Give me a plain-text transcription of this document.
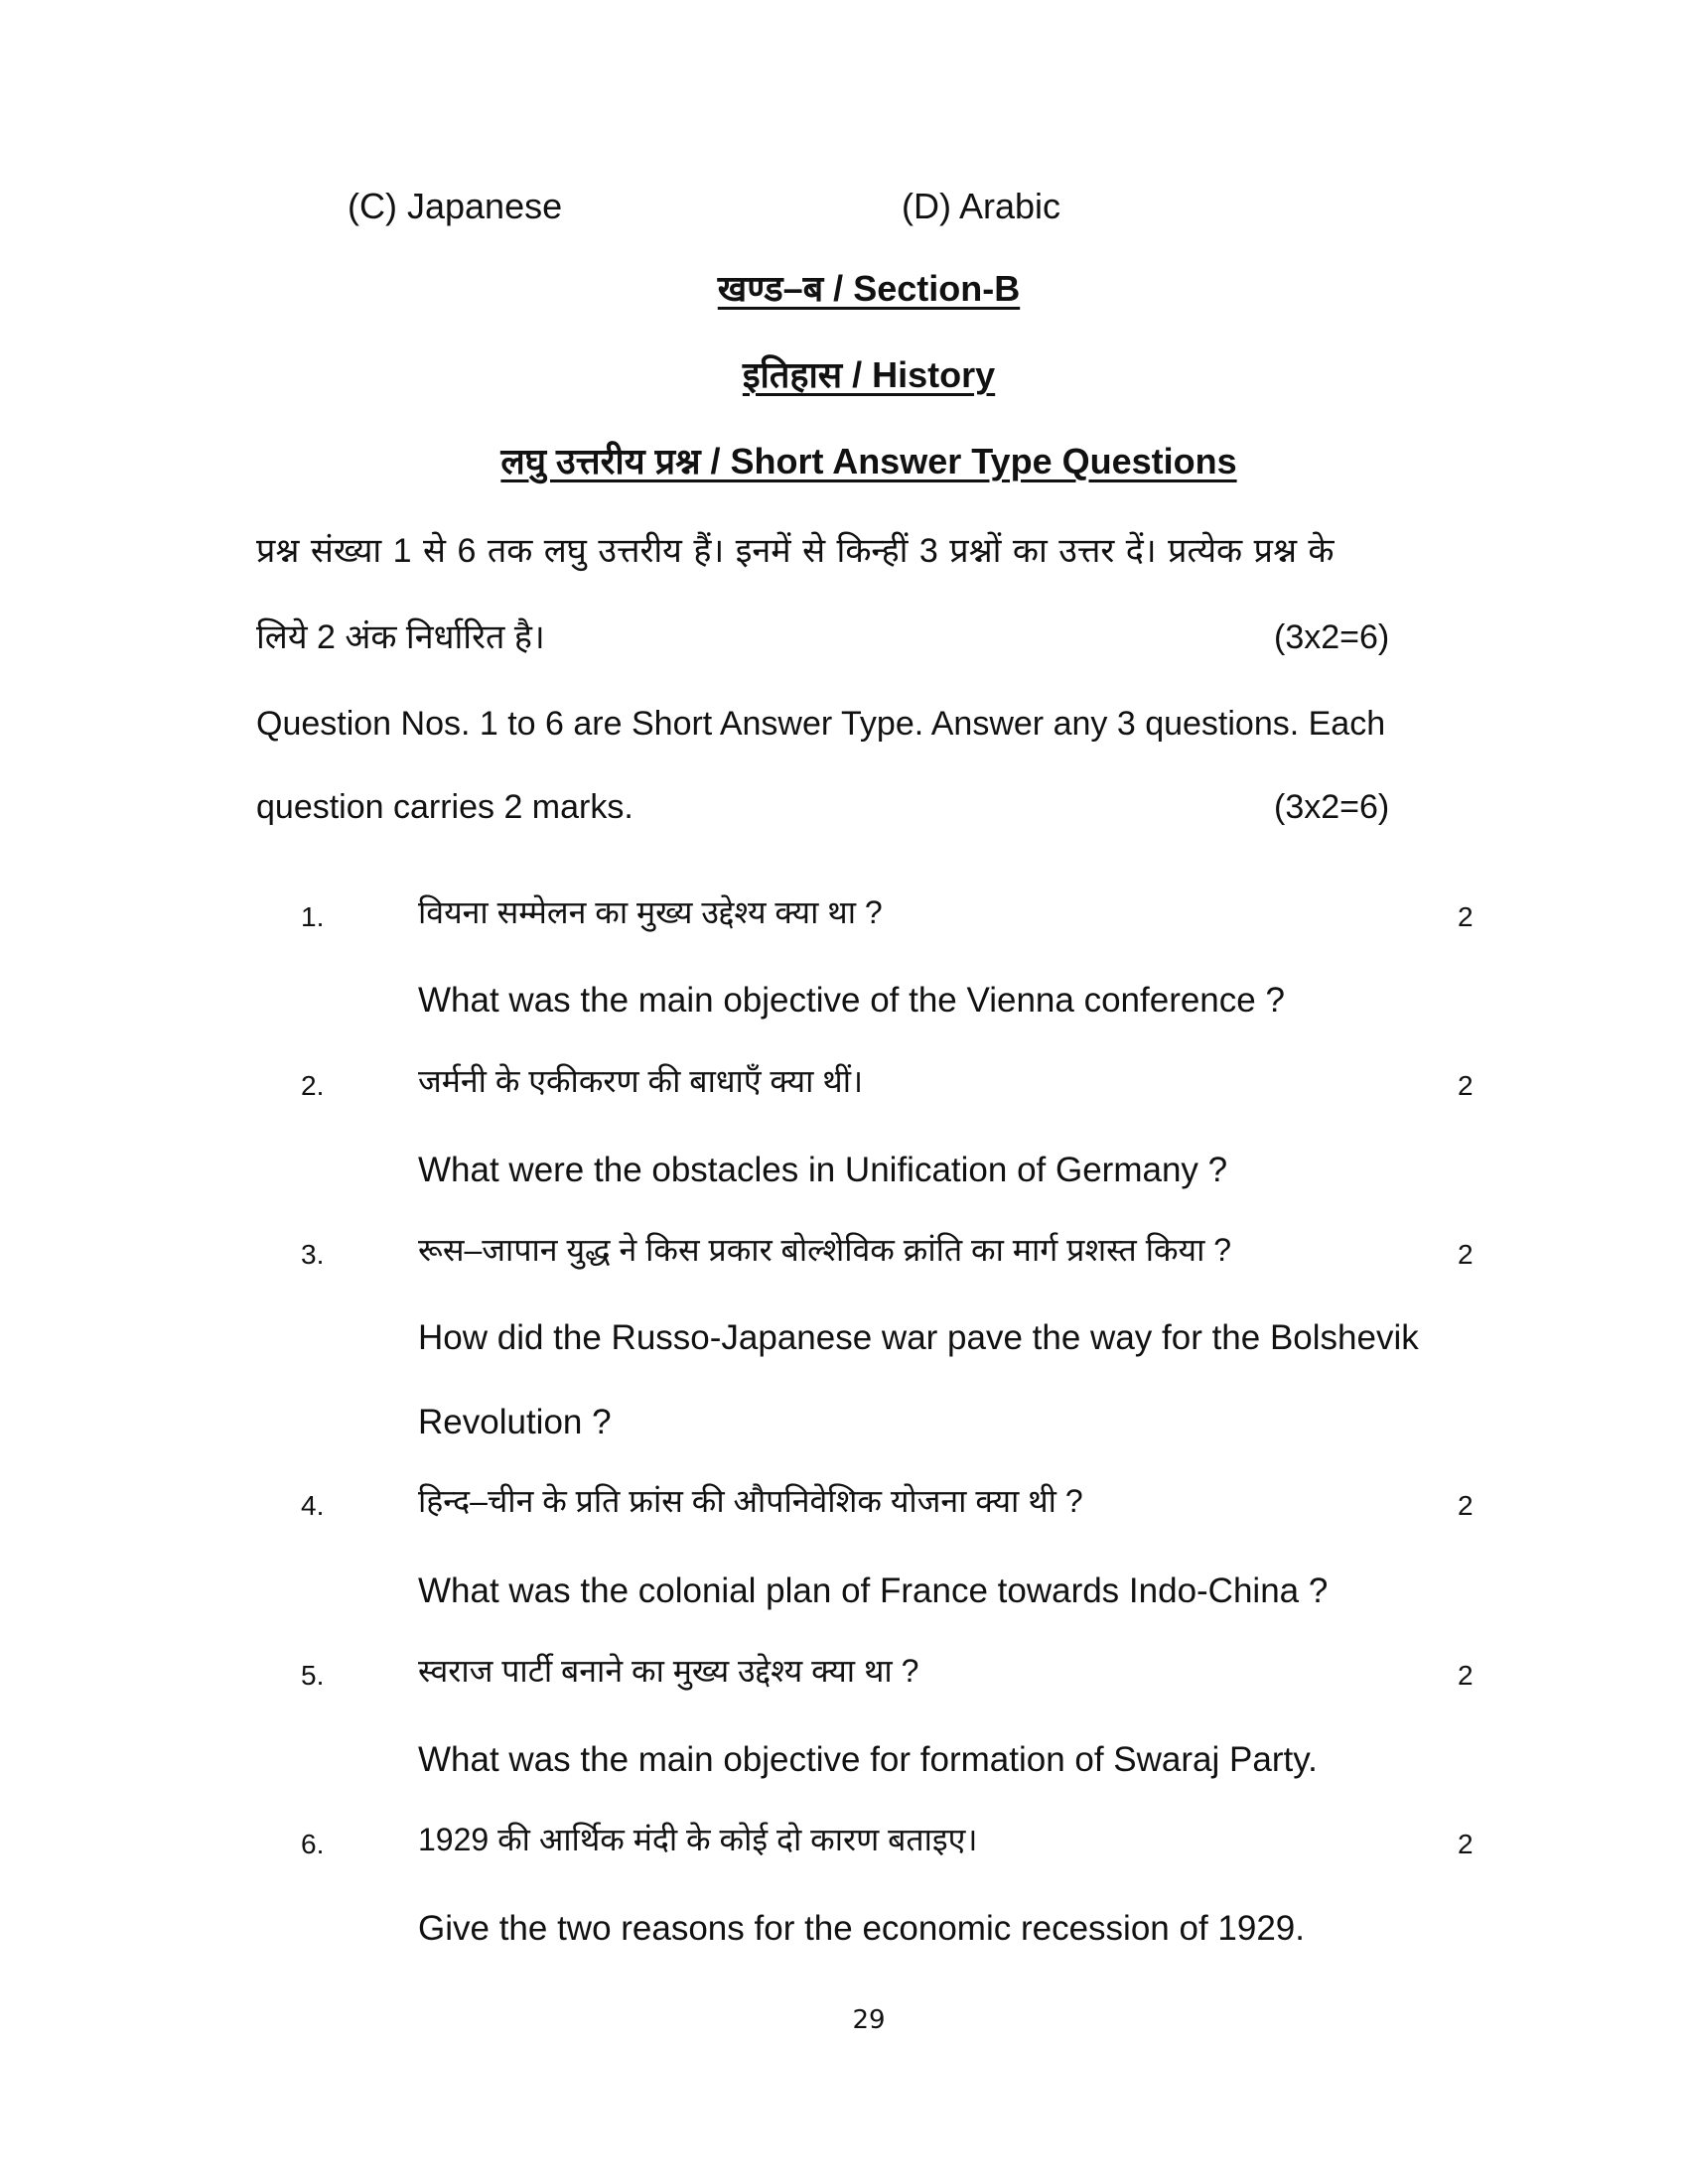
(C) Japanese	(D) Arabic
खण्ड–ब / Section-B
इतिहास / History
लघु उत्तरीय प्रश्न / Short Answer Type Questions
प्रश्न संख्या 1 से 6 तक लघु उत्तरीय हैं। इनमें से किन्हीं 3 प्रश्नों का उत्तर दें। प्रत्येक प्रश्न के
लिये 2 अंक निर्धारित है।	(3x2=6)
Question Nos. 1 to 6 are Short Answer Type. Answer any 3 questions. Each
question carries 2 marks.	(3x2=6)
1.	वियना सम्मेलन का मुख्य उद्देश्य क्या था ?	2
What was the main objective of the Vienna conference ?
2.	जर्मनी के एकीकरण की बाधाएँ क्या थीं।	2
What were the obstacles in Unification of Germany ?
3.	रूस–जापान युद्ध ने किस प्रकार बोल्शेविक क्रांति का मार्ग प्रशस्त किया ?	2
How did the Russo-Japanese war pave the way for the Bolshevik
Revolution ?
4.	हिन्द–चीन के प्रति फ्रांस की औपनिवेशिक योजना क्या थी ?	2
What was the colonial plan of France towards Indo-China ?
5.	स्वराज पार्टी बनाने का मुख्य उद्देश्य क्या था ?	2
What was the main objective for formation of Swaraj Party.
6.	1929 की आर्थिक मंदी के कोई दो कारण बताइए।	2
Give the two reasons for the economic recession of 1929.
29
